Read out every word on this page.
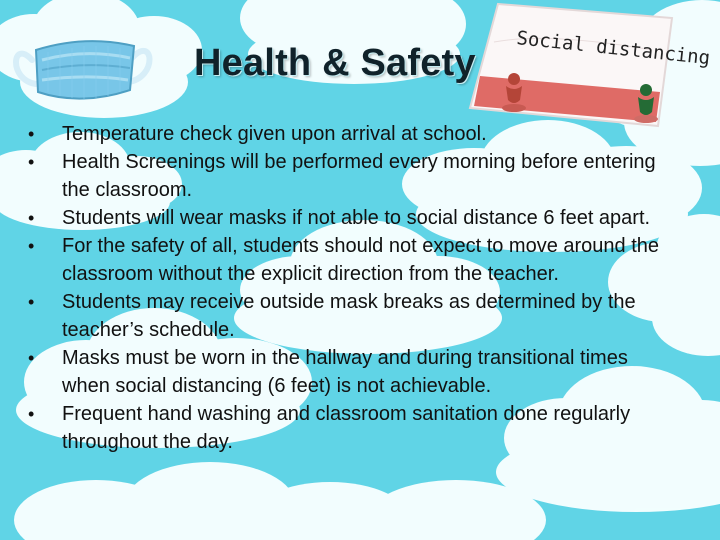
Health & Safety Social distancing
•	Temperature check given upon arrival at school.
•	Health Screenings will be performed every morning before entering the classroom.
•	Students will wear masks if not able to social distance 6 feet apart.
•	For the safety of all, students should not expect to move around the classroom without the explicit direction from the teacher.
•	Students may receive outside mask breaks as determined by the teacher’s schedule.
•	Masks must be worn in the hallway and during transitional times when social distancing (6 feet) is not achievable.
•	Frequent hand washing and classroom sanitation done regularly throughout the day.
